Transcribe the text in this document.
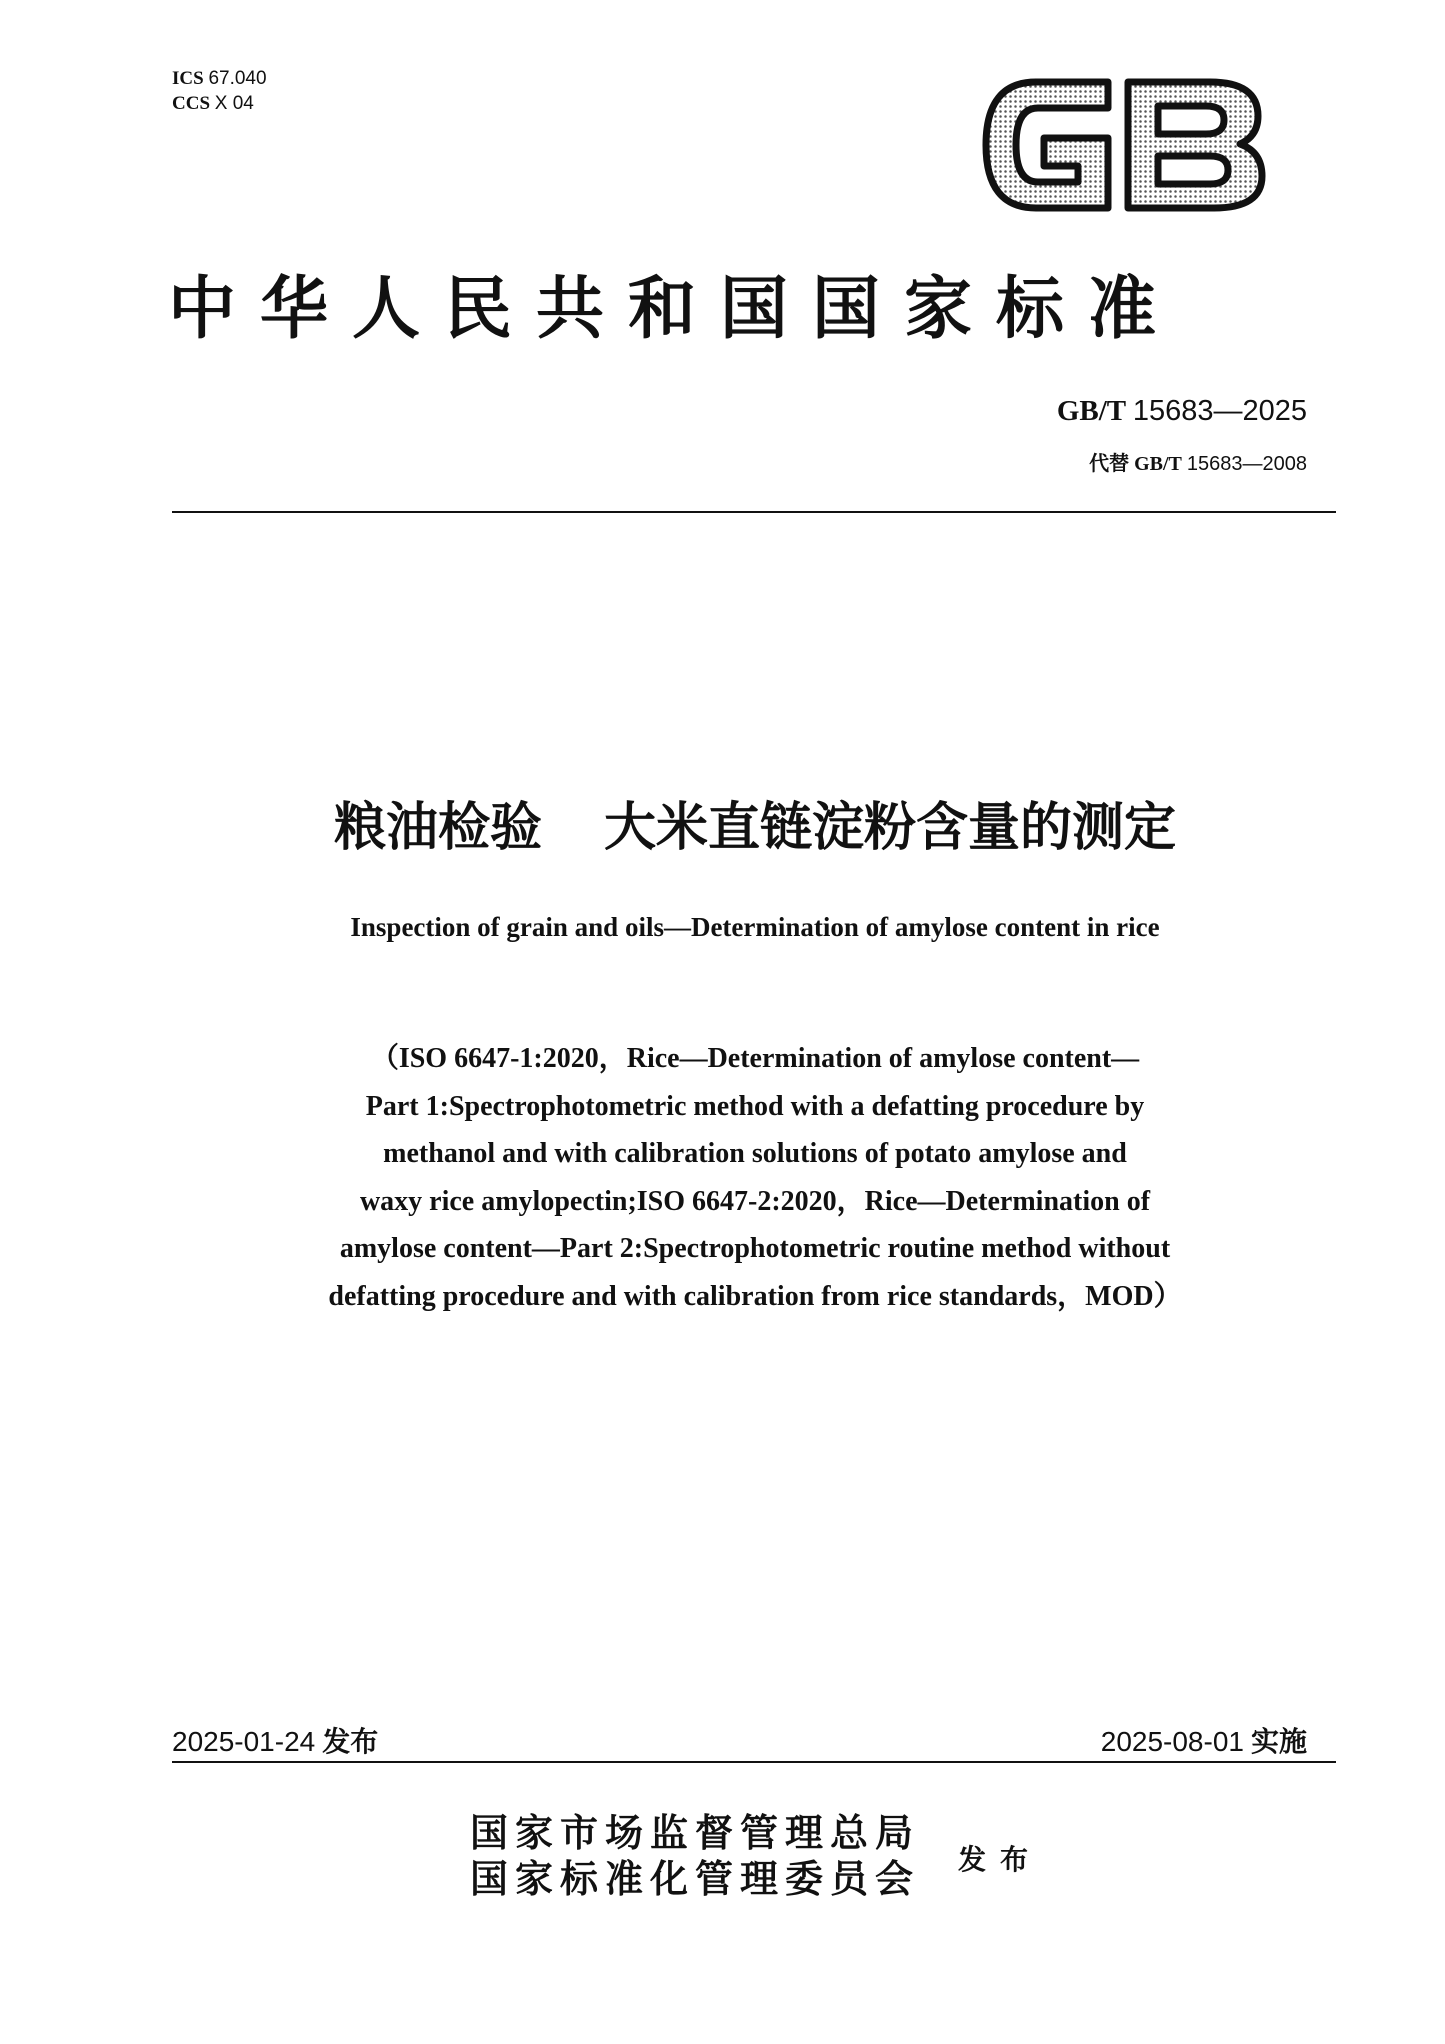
ICS 67.040
CCS X 04
中华人民共和国国家标准
GB/T 15683—2025
代替 GB/T 15683—2008
粮油检验 大米直链淀粉含量的测定
Inspection of grain and oils—Determination of amylose content in rice
（ISO 6647-1:2020，Rice—Determination of amylose content—
Part 1:Spectrophotometric method with a defatting procedure by
methanol and with calibration solutions of potato amylose and
waxy rice amylopectin;ISO 6647-2:2020，Rice—Determination of
amylose content—Part 2:Spectrophotometric routine method without
defatting procedure and with calibration from rice standards，MOD）
2025-01-24 发布	2025-08-01 实施
国家市场监督管理总局
国家标准化管理委员会 发布
